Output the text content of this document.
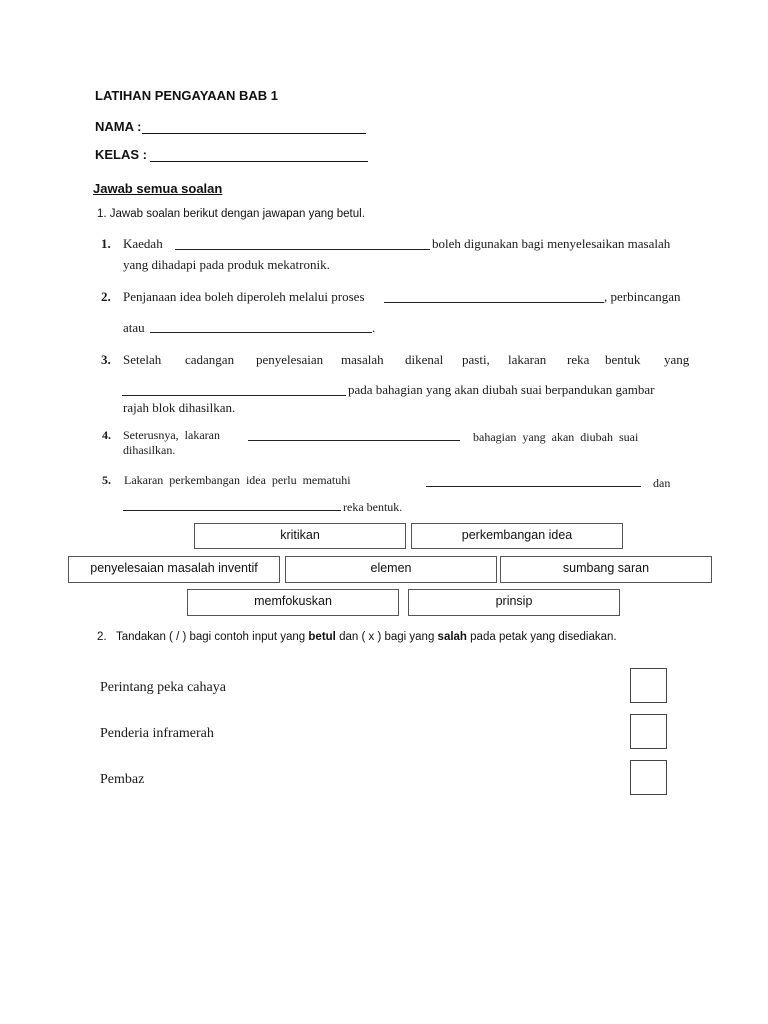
LATIHAN PENGAYAAN BAB 1
NAMA :
KELAS :
Jawab semua soalan
1. Jawab soalan berikut dengan jawapan yang betul.
1. Kaedah	boleh digunakan bagi menyelesaikan masalah
yang dihadapi pada produk mekatronik.
2. Penjanaan idea boleh diperoleh melalui proses	, perbincangan
atau	.
3. Setelah cadangan penyelesaian masalah dikenal pasti, lakaran reka bentuk yang
pada bahagian yang akan diubah suai berpandukan gambar
rajah blok dihasilkan.
4. Seterusnya,  lakaran	bahagian  yang  akan  diubah  suai
dihasilkan.
5. Lakaran  perkembangan  idea  perlu  mematuhi	dan
reka bentuk.
kritikan	perkembangan idea
penyelesaian masalah inventif	elemen	sumbang saran
memfokuskan	prinsip
2.   Tandakan ( / ) bagi contoh input yang betul dan ( x ) bagi yang salah pada petak yang disediakan.
Perintang peka cahaya
Penderia inframerah
Pembaz
